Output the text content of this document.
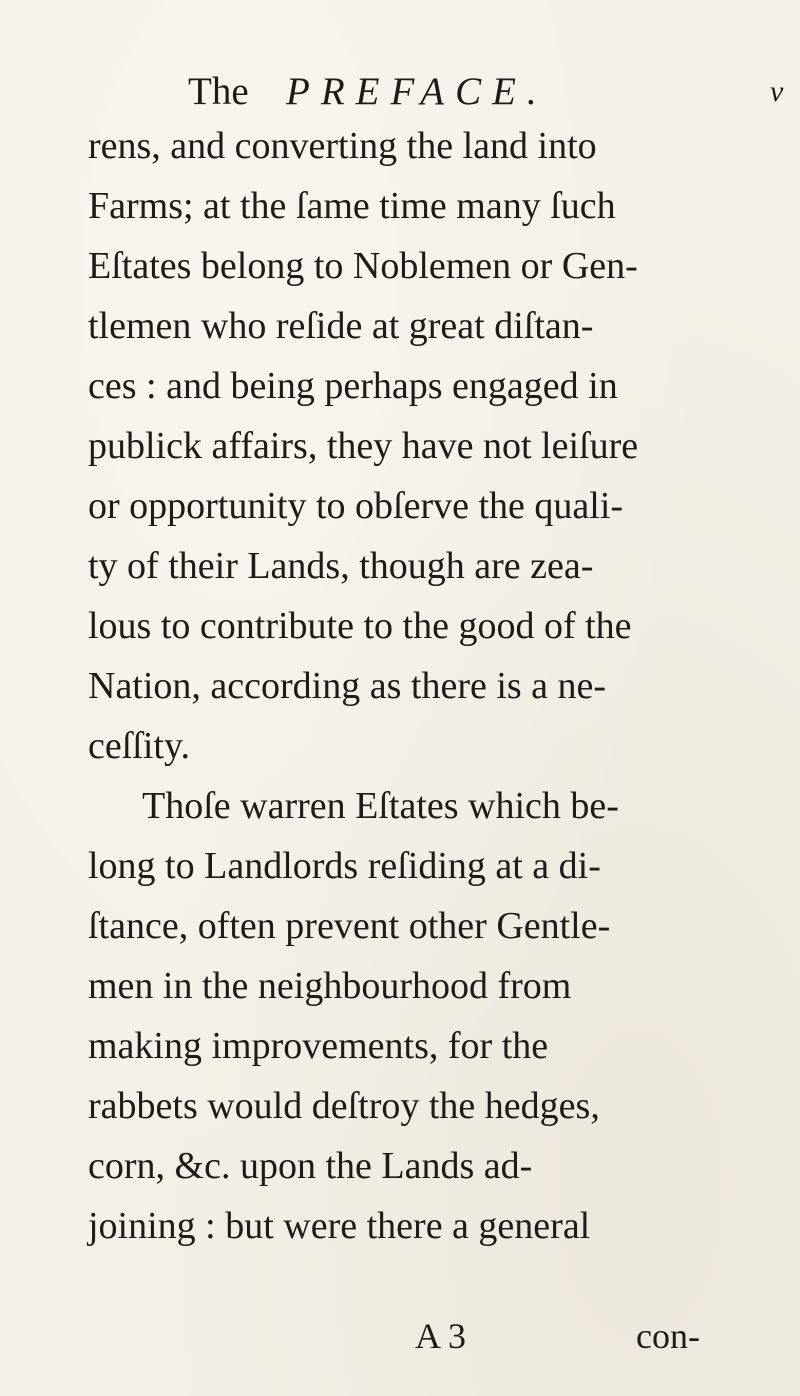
The PREFACE.	v
rens, and converting the land into
Farms; at the ſame time many ſuch
Eſtates belong to Noblemen or Gen-
tlemen who reſide at great diſtan-
ces : and being perhaps engaged in
publick affairs, they have not leiſure
or opportunity to obſerve the quali-
ty of their Lands, though are zea-
lous to contribute to the good of the
Nation, according as there is a ne-
ceſſity.
Thoſe warren Eſtates which be-
long to Landlords reſiding at a di-
ſtance, often prevent other Gentle-
men in the neighbourhood from
making improvements, for the
rabbets would deſtroy the hedges,
corn, &c. upon the Lands ad-
joining : but were there a general
A 3	con-
